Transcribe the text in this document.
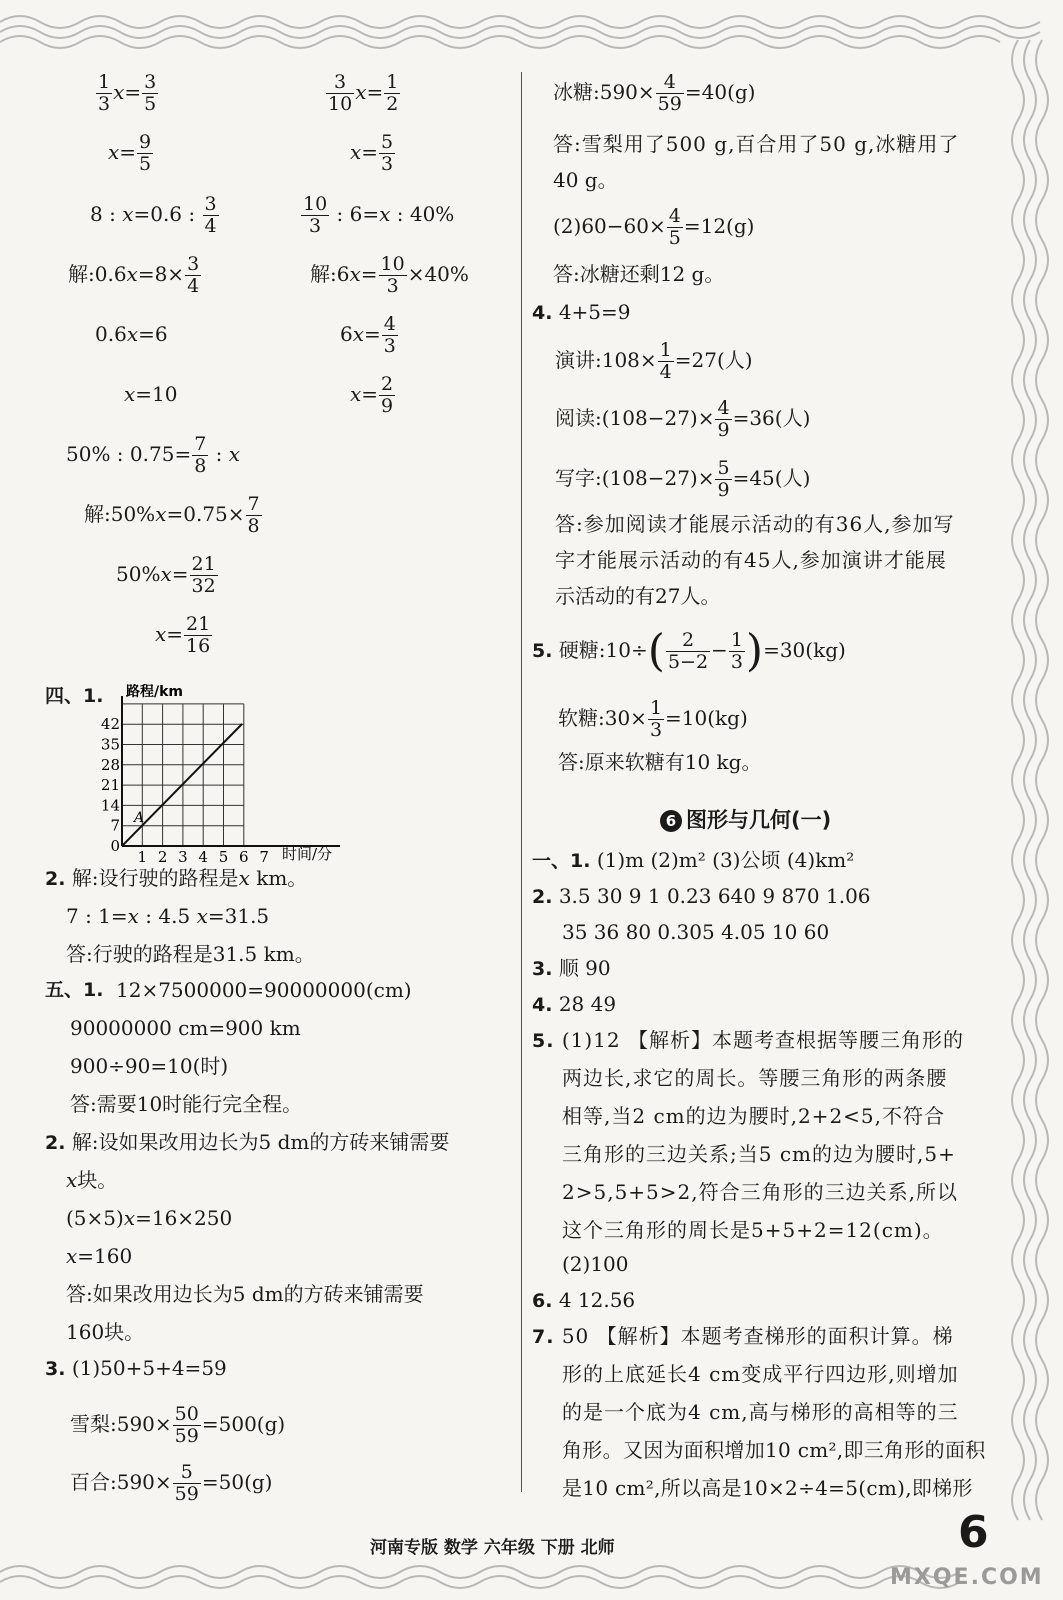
$\frac{1}{3} x= \frac{3}{5}$
$x= \frac{9}{5}$
$\frac{3}{10} x= \frac{1}{2}$
$x= \frac{5}{3}$
8 : x=0.6 : $\frac{3}{4}$
解:0.6x=8× $\frac{3}{4}$
0.6x=6
x=10
$\frac{10}{3}$ : 6=x : 40%
解:6x= $\frac{10}{3} \times 40\%$
$6x= \frac{4}{3}$
$x= \frac{2}{9}$
50% : $0.75= \frac{7}{8}$ : x
解:50%x=0.75× $\frac{7}{8}$
$50\%x= \frac{21}{32}$
$x= \frac{21}{16}$
四、1. 路程/km
时间/分
A
42
35
28
21
14
7
0
1 2 3 4 5 6 7
2. 解:设行驶的路程是x km。
7 : 1=x : 4.5 x=31.5
答:行驶的路程是31.5 km。
五、1. 12×7500000=90000000(cm)
90000000 cm=900 km
900÷90=10(时)
答:需要10时能行完全程。
2. 解:设如果改用边长为5 dm的方砖来铺需要
x块。
(5×5)x=16×250
x=160
答:如果改用边长为5 dm的方砖来铺需要
160块。
3. (1)50+5+4=59
雪梨:590× $\frac{50}{59} =500(g)$
百合:590× $\frac{5}{59} =50(g)$
冰糖:590× $\frac{4}{59} =40(g)$
答:雪梨用了500 g,百合用了50 g,冰糖用了
40 g。
$(2)60-60\times \frac{4}{5} =12(g)$
答:冰糖还剩12 g。
4. 4+5=9
演讲:108× $\frac{1}{4} =27$(人)
阅读:(108−27)× $\frac{4}{9} =36$(人)
写字:(108−27)× $\frac{5}{9} =45$(人)
答:参加阅读才能展示活动的有36人,参加写
字才能展示活动的有45人,参加演讲才能展
示活动的有27人。
5. 硬糖:10÷( $\frac{2}{5-2} - \frac{1}{3} )=30(kg)$
软糖:30× $\frac{1}{3} =10(kg)$
答:原来软糖有10 kg。
6 图形与几何(一)
一、1. (1)m (2)m² (3)公顷 (4)km²
2. 3.5 30 9 1 0.23 640 9 870 1.06
35 36 80 0.305 4.05 10 60
3. 顺 90
4. 28 49
5. (1)12 【解析】本题考查根据等腰三角形的
两边长,求它的周长。等腰三角形的两条腰
相等,当2 cm的边为腰时,2+2<5,不符合
三角形的三边关系;当5 cm的边为腰时,5+
2>5,5+5>2,符合三角形的三边关系,所以
这个三角形的周长是5+5+2=12(cm)。
(2)100
6. 4 12.56
7. 50 【解析】本题考查梯形的面积计算。梯
形的上底延长4 cm变成平行四边形,则增加
的是一个底为4 cm,高与梯形的高相等的三
角形。又因为面积增加10 cm²,即三角形的面积
是10 cm²,所以高是10×2÷4=5(cm),即梯形
河南专版 数学 六年级 下册 北师	6
MXQE.COM
